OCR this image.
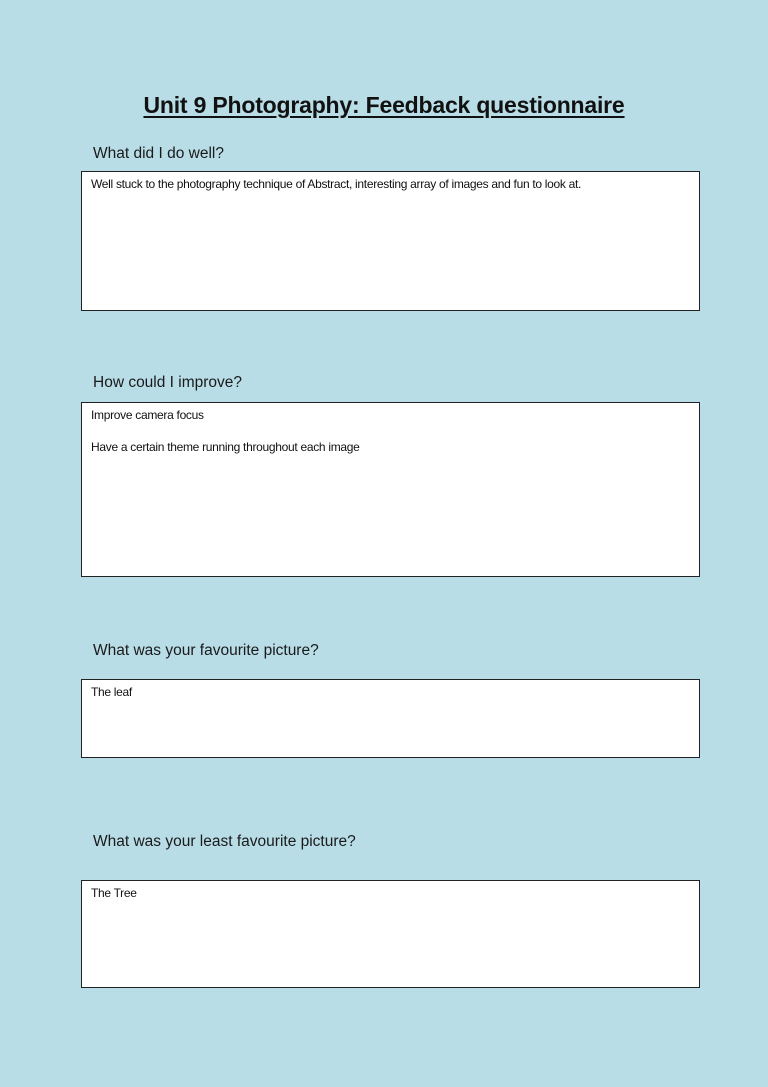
Unit 9 Photography: Feedback questionnaire
What did I do well?

Well stuck to the photography technique of Abstract, interesting array of images and fun to look at.

How could I improve?

Improve camera focus

Have a certain theme running throughout each image

What was your favourite picture?

The leaf

What was your least favourite picture?

The Tree
